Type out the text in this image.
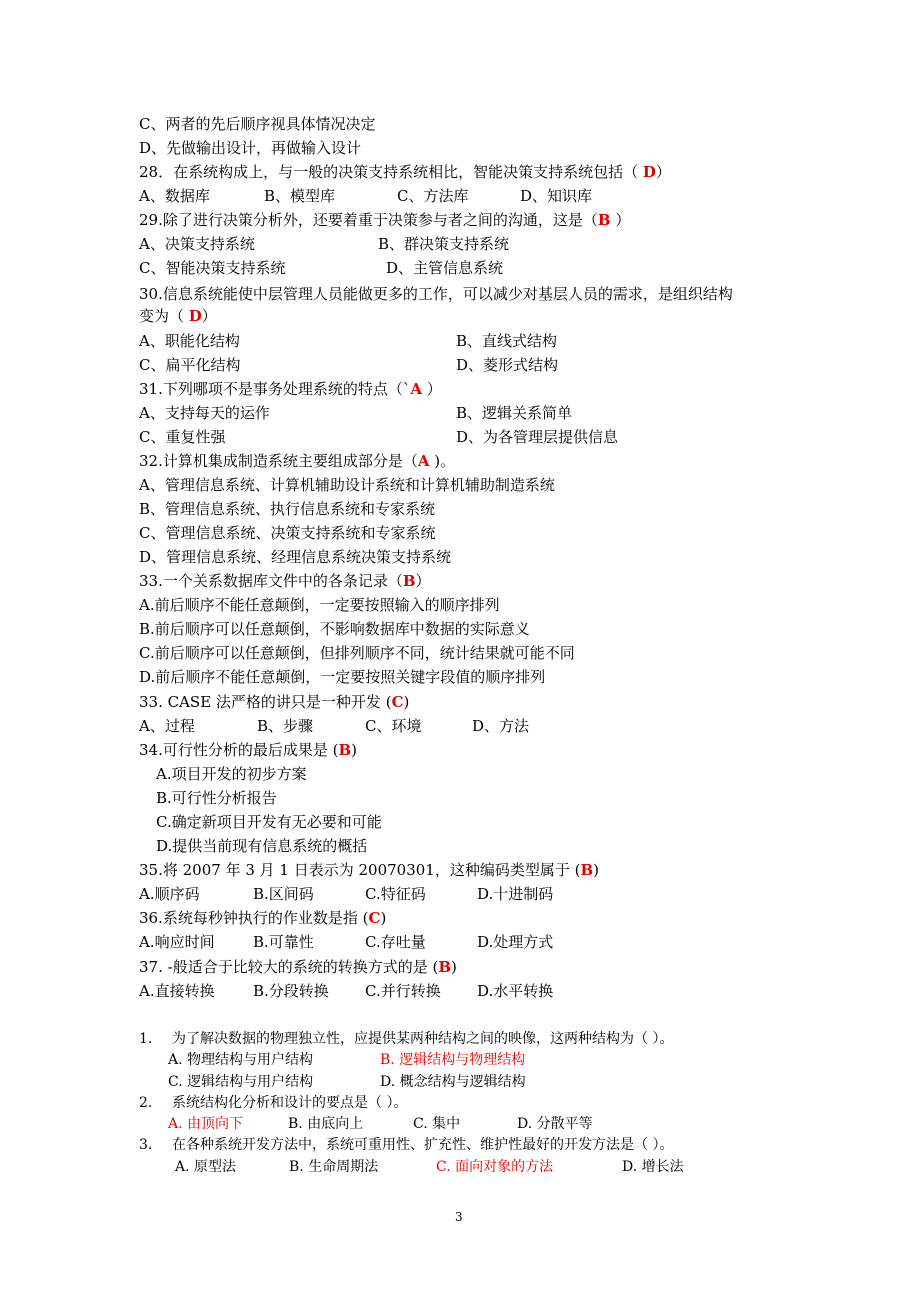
C、两者的先后顺序视具体情况决定
D、先做输出设计，再做输入设计
28．在系统构成上，与一般的决策支持系统相比，智能决策支持系统包括（ D）
A、数据库	B、模型库	C、方法库	D、知识库
29.除了进行决策分析外，还要着重于决策参与者之间的沟通，这是（B ）
A、决策支持系统	B、群决策支持系统
C、智能决策支持系统	D、主管信息系统
30.信息系统能使中层管理人员能做更多的工作，可以减少对基层人员的需求，是组织结构
变为（ D）
A、职能化结构	B、直线式结构
C、扁平化结构	D、菱形式结构
31.下列哪项不是事务处理系统的特点（`A ）
A、支持每天的运作	B、逻辑关系简单
C、重复性强	D、为各管理层提供信息
32.计算机集成制造系统主要组成部分是（A )。
A、管理信息系统、计算机辅助设计系统和计算机辅助制造系统
B、管理信息系统、执行信息系统和专家系统
C、管理信息系统、决策支持系统和专家系统
D、管理信息系统、经理信息系统决策支持系统
33.一个关系数据库文件中的各条记录（B）
A.前后顺序不能任意颠倒，一定要按照输入的顺序排列
B.前后顺序可以任意颠倒，不影响数据库中数据的实际意义
C.前后顺序可以任意颠倒，但排列顺序不同，统计结果就可能不同
D.前后顺序不能任意颠倒，一定要按照关键字段值的顺序排列
33. CASE 法严格的讲只是一种开发 (C)
A、过程	B、步骤	C、环境	D、方法
34.可行性分析的最后成果是 (B)
A.项目开发的初步方案
B.可行性分析报告
C.确定新项目开发有无必要和可能
D.提供当前现有信息系统的概括
35.将 2007 年 3 月 1 日表示为 20070301，这种编码类型属于 (B)
A.顺序码	B.区间码	C.特征码	D.十进制码
36.系统每秒钟执行的作业数是指 (C)
A.响应时间	B.可靠性	C.存吐量	D.处理方式
37. -般适合于比较大的系统的转换方式的是 (B)
A.直接转换	B.分段转换 C.并行转换 D.水平转换
1. 为了解决数据的物理独立性，应提供某两种结构之间的映像，这两种结构为（ ）。
A. 物理结构与用户结构	B. 逻辑结构与物理结构
C. 逻辑结构与用户结构	D. 概念结构与逻辑结构
2. 系统结构化分析和设计的要点是（ ）。
A. 由顶向下	B. 由底向上	C. 集中	D. 分散平等
3. 在各种系统开发方法中，系统可重用性、扩充性、维护性最好的开发方法是（ ）。
A. 原型法	B. 生命周期法	C. 面向对象的方法	D. 增长法
3
